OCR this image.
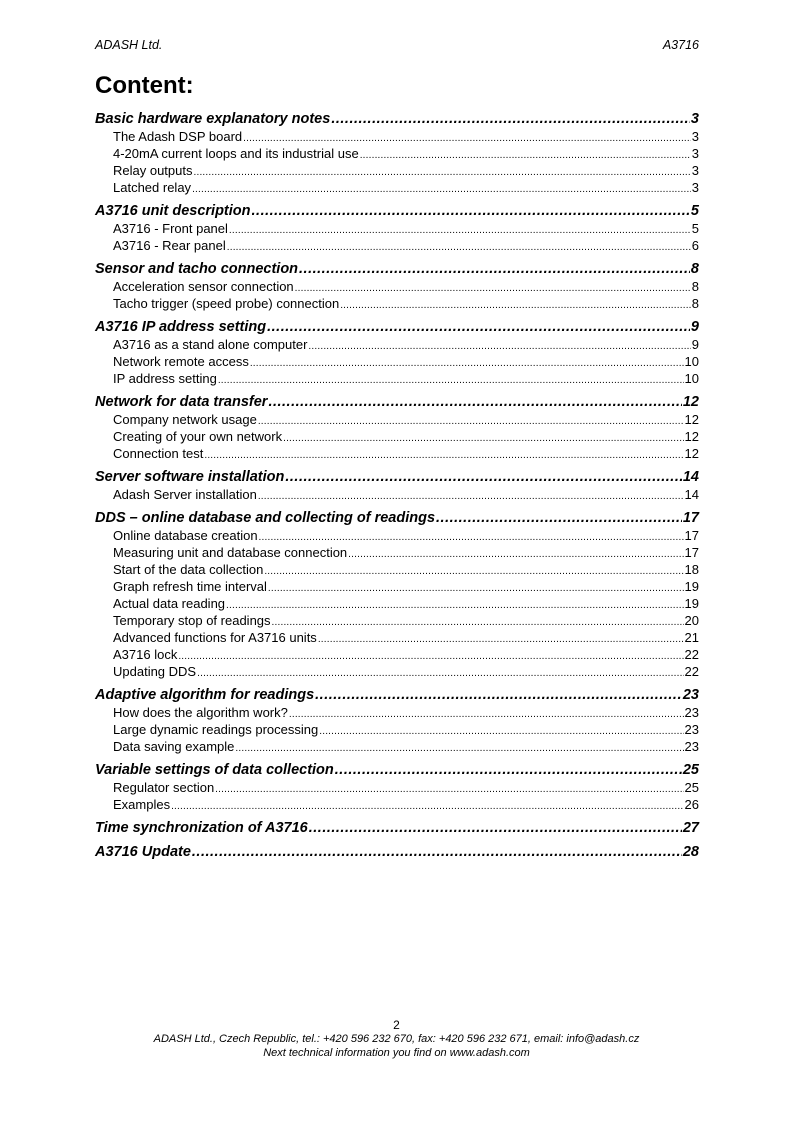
ADASH Ltd.	A3716
Content:
Basic hardware explanatory notes .....	3
The Adash DSP board .....	3
4-20mA current loops and its industrial use .....	3
Relay outputs .....	3
Latched relay .....	3
A3716 unit description .....	5
A3716 - Front panel .....	5
A3716 - Rear panel .....	6
Sensor and tacho connection .....	8
Acceleration sensor connection .....	8
Tacho trigger (speed probe) connection .....	8
A3716 IP address setting .....	9
A3716 as a stand alone computer .....	9
Network remote access .....	10
IP address setting .....	10
Network for data transfer .....	12
Company network usage .....	12
Creating of your own network .....	12
Connection test .....	12
Server software installation .....	14
Adash Server installation .....	14
DDS – online database and collecting of readings .....	17
Online database creation .....	17
Measuring unit and database connection .....	17
Start of the data collection .....	18
Graph refresh time interval .....	19
Actual data reading .....	19
Temporary stop of readings .....	20
Advanced functions for A3716 units .....	21
A3716 lock .....	22
Updating DDS .....	22
Adaptive algorithm for readings .....	23
How does the algorithm work? .....	23
Large dynamic readings processing .....	23
Data saving example .....	23
Variable settings of data collection .....	25
Regulator section .....	25
Examples .....	26
Time synchronization of A3716 .....	27
A3716 Update .....	28
2
ADASH Ltd., Czech Republic, tel.: +420 596 232 670, fax: +420 596 232 671, email: info@adash.cz
Next technical information you find on www.adash.com
